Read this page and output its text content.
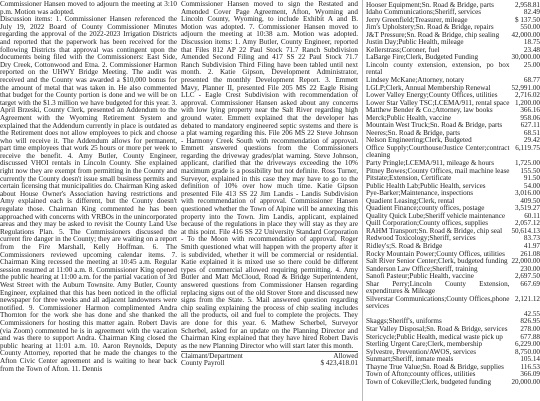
Commissioner Hansen moved to adjourn the meeting at 3:10 p.m. Motion was adopted.

Discussion items: 1. Commissioner Hansen referenced the July 19, 2022 Board of County Commissioner Minutes regarding the approval of the 2022-2023 Irrigation Districts and reported that the paperwork has been received for the following Districts that approval was contingent upon the documents being filed with the Commissioners: East Side, Dry Creek, Cottonwood and Etna. 2. Commissioner Harmon reported on the UHWY Bridge Meeting. The audit was received and the County was awarded a $10,000 bonus for the amount of metal that was taken in. He also commented that budget for the County portion is done and we will be on target with the $1.3 million we have budgeted for this year. 3. April Brzeski, County Clerk, presented an Addendum to the Agreement with the Wyoming Retirement System and explained that the Addendum currently in place is outdated as the Retirement does not allow employees to pick and choose who will receive it. The Addendum allows for permanent, part time employees that work 25 hours or more per week to receive the benefit. 4. Amy Butler, County Engineer, discussed VHOI rentals in Lincoln County. She explained right now they are exempt from permitting in the County and currently the County doesn't issue small business permits and certain licensing that municipalities do. Chairman King asked about House Owner's Association having restrictions and Amy explained each is different, but the County doesn't regulate those. Chairman King commented he has been approached with concerns with VRBOs in the unincorporated areas and they may be asked to revisit the County Land Use Regulations Plan. 5. The Commissioners discussed the current fire danger in the County; they are waiting on a report from the Fire Marshall, Kelly Hoffman. 6. The Commissioners reviewed upcoming calendar items. 7. Chairman King recessed the meeting at 10:45 a.m. Regular session resumed at 11:00 a.m. 8. Commissioner King opened the public hearing at 11:00 a.m. for the partial vacation of 3rd West Street with the Auburn Townsite. Amy Butler, County Engineer, explained that this has been noticed in the official newspaper for three weeks and all adjacent landowners were notified. 9. Commissioner Harmon complimented Andra Thornton for the work she has done and she thanked the Commissioners for hosting this matter again. Robert Davis (via Zoom) commented he is in agreement with the vacation and was there to support Andra. Chairman King closed the public hearing at 11:01 a.m. 10. Aaron Reynolds, Deputy County Attorney, reported that he made the changes to the Afton Civic Center agreement and is waiting to hear back from the Town of Afton. 11. Dennis

Commissioner Hansen moved to sign the Restated and Amended Cover Page Agreement, Afton, Wyoming and Lincoln County, Wyoming, to include Exhibit A and B. Motion was adopted. 7. Commissioner Hansen moved to adjourn the meeting at 10:38 a.m. Motion was adopted. Discussion items: 1. Amy Butler, County Engineer, reported that Files 812 AP 22 Paul Stock 71.7 Ranch Subdivision Amended Second Filing and 417 SS 22 Paul Stock 71.7 Ranch Subdivision Third Filing have been tabled until next month. 2. Katie Gipson, Development Administrator, presented the monthly Development Report. 3. Emmett Mavy, Planner II, presented File 205 MS 22 Eagle Rising LLC - Eagle Crest Subdivision with recommendation of approval. Commissioner Hansen asked about any concerns with low lying property near the Salt River regarding high ground water. Emmett explained that the developer has debated to mandatory engineered septic systems and there is a plat warning regarding this. File 206 MS 22 Steve Johnson - Harmony Creek South with recommendation of approval. Emmett answered questions from the Commissioners regarding the driveway grades/plat warning. Steve Johnson, applicant, clarified that the driveways exceeding the 10% maximum grade is a possibility but not definite. Ross Turner, Surveyor, explained in this case they may have to go to the definition of 10% over how much time. Katie Gipson presented File 413 SS 22 Jim Landis - Landis Subdivision with recommendation of approval. Commissioner Hansen questioned whether the Town of Alpine will be annexing this property into the Town. Jim Landis, applicant, explained because of the regulations in place they will stay as they are at this point. File 416 SS 22 University Standard Corporation - To the Moon with recommendation of approval. Roger Smith questioned what will happen with the property after it is subdivided, whether it will be commercial or residential. Katie explained it is mixed use so there could be different types of commercial allowed requiring permitting. 4. Amy Butler and Matt McCloud, Road & Bridge Superintendent, answered questions from Commissioner Hansen regarding replacing signs out of the old Stover Store and discussed new signs from the State. 5. Mail answered question regarding chip sealing explaining the process of chip sealing includes all the products, oil and fuel to complete the projects. They are done for this year. 6. Mathew Scherbel, Surveyor Scherbel, asked for an update on the Planning Director and Chairman King explained that they have hired Robert Davis as the new Planning Director who will start later this month.

Claimant/Department	Allowed
County Payroll	$ 423,418.01
Hooser Equipment;Sn. Road & Bridge, parts	2,958.81
Idaho Communications;Sheriff, services	82.49
Jerry Greenfield;Treasurer, mileage	$ 137.50
Jim's Upholstery;Sn. Road & Bridge, repairs	550.00
J&T Pressure;Sn. Road & Bridge, chip sealing	42,000.00
Justin Day;Public Health, mileage	18.75
Kellerstrass;Coroner, fuel	23.48
LaBarge Fire;Clerk, Budgeted Funding	30,000.00
Lincoln county extension, extension, po box rental	25.00
Lindsey McKane;Attorney, notary	68.77
LGLP;Clerk, Annual Membership Renewal	52,991.00
Lower Valley Energy;County Offices, utilities	2,716.02
Lower Star Valley TSC;LCEMA/911, rental space	1,200.00
Matthew Bender & Co.;Attorney, law books	366.16
Merck;Public Health, vaccine	958.06
Mountain West Truck;Sn. Road & Bridge, parts	627.11
Neeres;Sn. Road & Bridge, parts	68.51
Nelson Engineering;Clerk, Budgeted	29.42
Office Supply;Courthouse/Justice Center;contract cleaning	6,119.75
Party Pringle;LCEMA/911, mileage & hours	1,725.00
Pitney Bowes;County Offices, mail machine lease	155.50
Pitstate;Extension, Certificate	91.50
Public Health Lab;Public Health, services	54.00
Pye-Barker;Maintenance, inspections	3,016.00
Quadient Leasing;Clerk, rental	409.50
Quadient Finance;county offices, postage	3,519.27
Quality Quick Lube;Sheriff vehicle maintenance	60.11
Quill Corporation;County offices, supplies	2,057.12
RAHM Transport;Sn. Road & Bridge, chip seal	50,614.13
Redwood Toxicology;Sheriff, services	83.73
Ridley's;S. Road & Bridge	41.97
Rocky Mountain Power;County Offices, utilities	261.08
Salt River Senior Center;Clerk, budgeted funding	22,000.00
Sanderson Law Office;Sheriff, training	230.00
Sanofi Pasteur;Public Health, vaccine	2,697.50
Shar Perry;Lincoln County Extension, expenditures & Mileage	667.69
Silverstar Communications;County Offices,phone services	2,121.12
	42.55
Skaggs;Sheriff's, uniforms	826.95
Star Valley Disposal;Sn. Road & Bridge, services	278.00
Stericycle;Public Health, medical waste pick up	677.88
Sterling Urgent Care;Clerk, membership	6,229.00
Sylvestre, Prevention/AWOS, services	8,750.00
Sunmart;Sheriff, inmate meals	105.14
Thayne True Value;Sn. Road & Bridge, supplies	116.53
Town of Afton;county offices, utilities	366.09
Town of Cokeville;Clerk, budgeted funding	20,000.00
